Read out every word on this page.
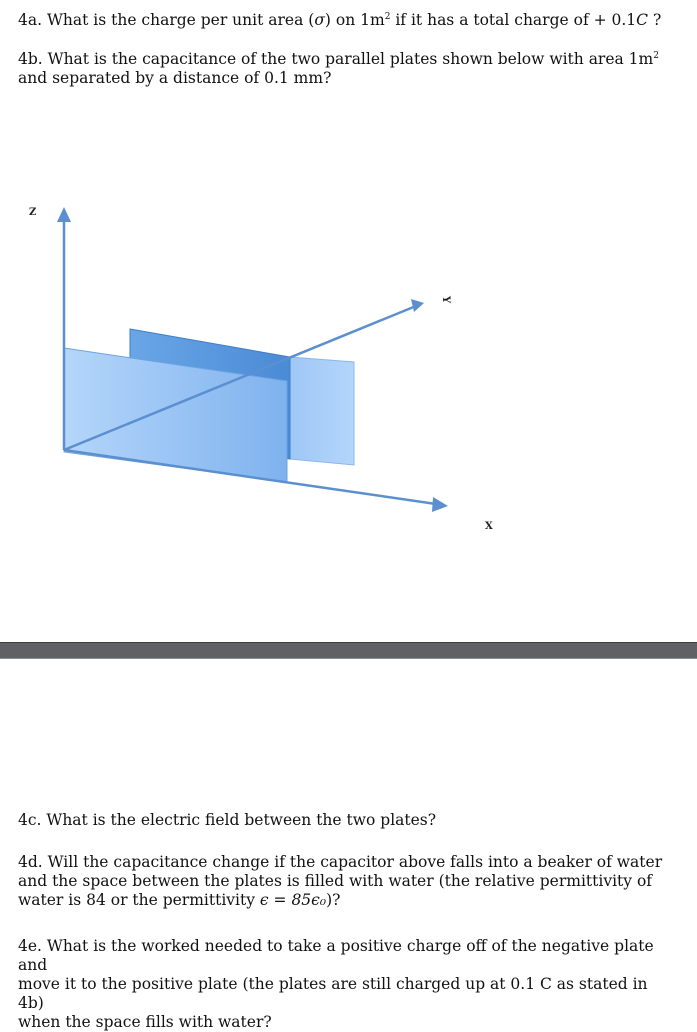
4a. What is the charge per unit area (σ) on $1m^2$ if it has a total charge of + 0.1C ?

4b. What is the capacitance of the two parallel plates shown below with area $1m^2$
and separated by a distance of 0.1 mm?

Z
Y
X

4c. What is the electric field between the two plates?

4d. Will the capacitance change if the capacitor above falls into a beaker of water
and the space between the plates is filled with water (the relative permittivity of
water is 84 or the permittivity ϵ = 85ϵ₀)?

4e. What is the worked needed to take a positive charge off of the negative plate and
move it to the positive plate (the plates are still charged up at 0.1 C as stated in 4b)
when the space fills with water?
